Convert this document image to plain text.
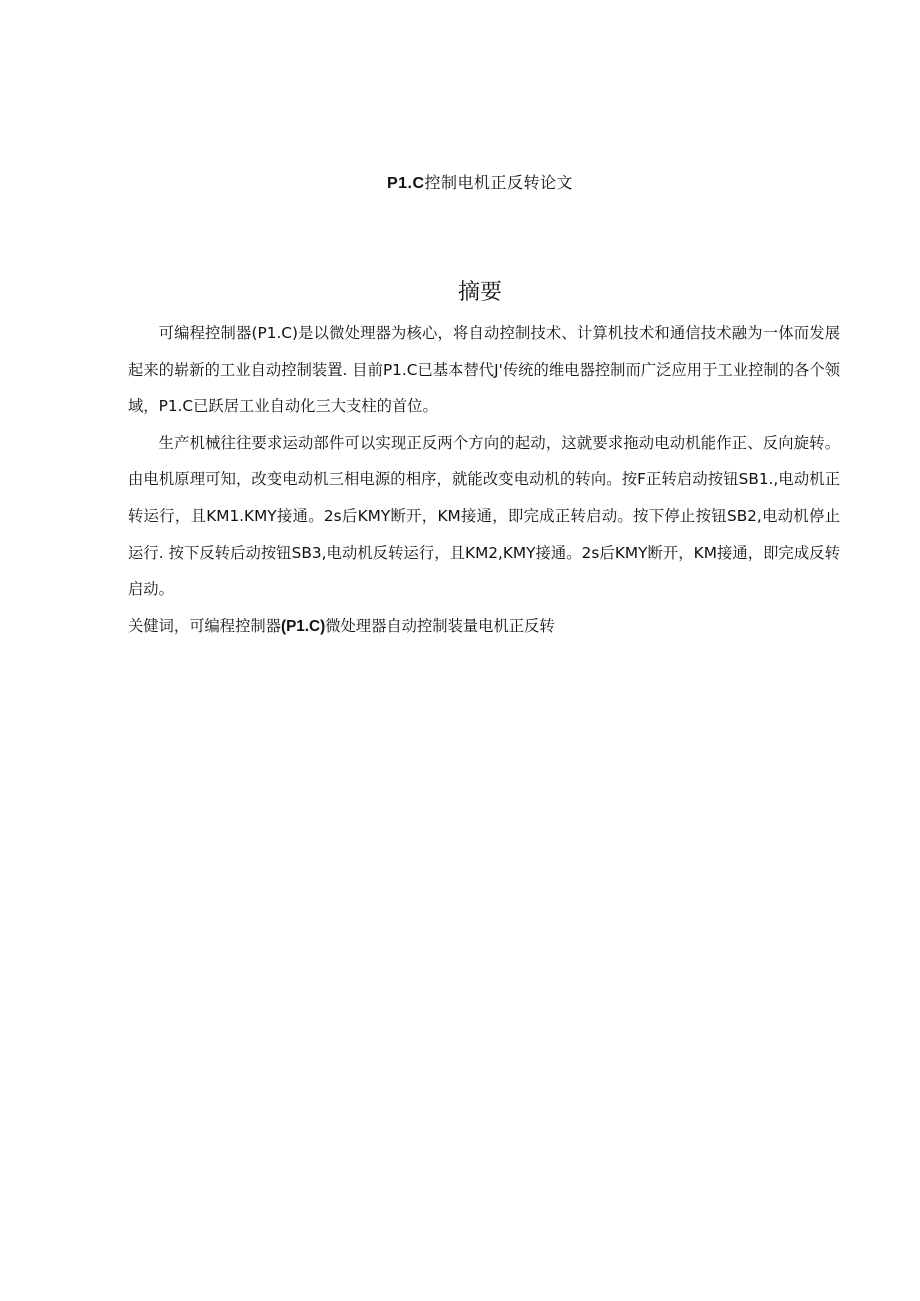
P1.C控制电机正反转论文
摘要

可编程控制器(P1.C)是以微处理器为核心，将自动控制技术、计算机技术和通信技术融为一体而发展起来的崭新的工业自动控制装置. 目前P1.C已基本替代J'传统的维电器控制而广泛应用于工业控制的各个领域，P1.C已跃居工业自动化三大支柱的首位。

生产机械往往要求运动部件可以实现正反两个方向的起动，这就要求拖动电动机能作正、反向旋转。由电机原理可知，改变电动机三相电源的相序，就能改变电动机的转向。按F正转启动按钮SB1.,电动机正转运行，且KM1.KMY接通。2s后KMY断开，KM接通，即完成正转启动。按下停止按钮SB2,电动机停止运行. 按下反转后动按钮SB3,电动机反转运行，且KM2,KMY接通。2s后KMY断开，KM接通，即完成反转启动。

关健词，可编程控制器(P1.C)微处理器自动控制装量电机正反转
